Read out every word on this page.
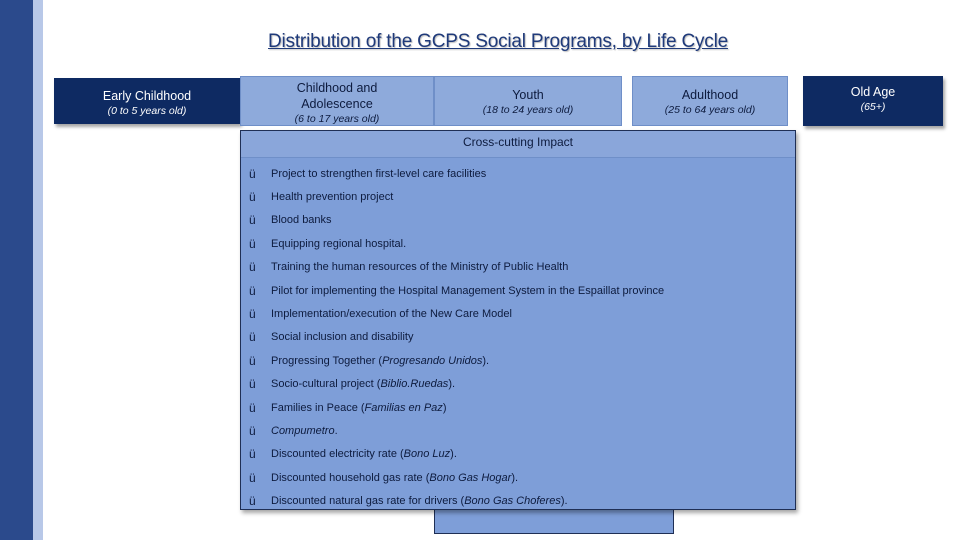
Distribution of the GCPS Social Programs, by Life Cycle
Early Childhood
(0 to 5 years old)
Childhood and Adolescence
(6 to 17 years old)
Youth
(18 to 24 years old)
Adulthood
(25 to 64 years old)
Old Age
(65+)
Cross-cutting Impact
ü	Project to strengthen first-level care facilities
ü	Health prevention project
ü	Blood banks
ü	Equipping regional hospital.
ü	Training the human resources of the Ministry of Public Health
ü	Pilot for implementing the Hospital Management System in the Espaillat province
ü	Implementation/execution of the New Care Model
ü	Social inclusion and disability
ü	Progressing Together ( Progresando Unidos ).
ü	Socio-cultural project ( Biblio.Ruedas ).
ü	Families in Peace ( Familias en Paz )
ü	Compumetro .
ü	Discounted electricity rate ( Bono Luz ).
ü	Discounted household gas rate ( Bono Gas Hogar ).
ü	Discounted natural gas rate for drivers ( Bono Gas Choferes ).
